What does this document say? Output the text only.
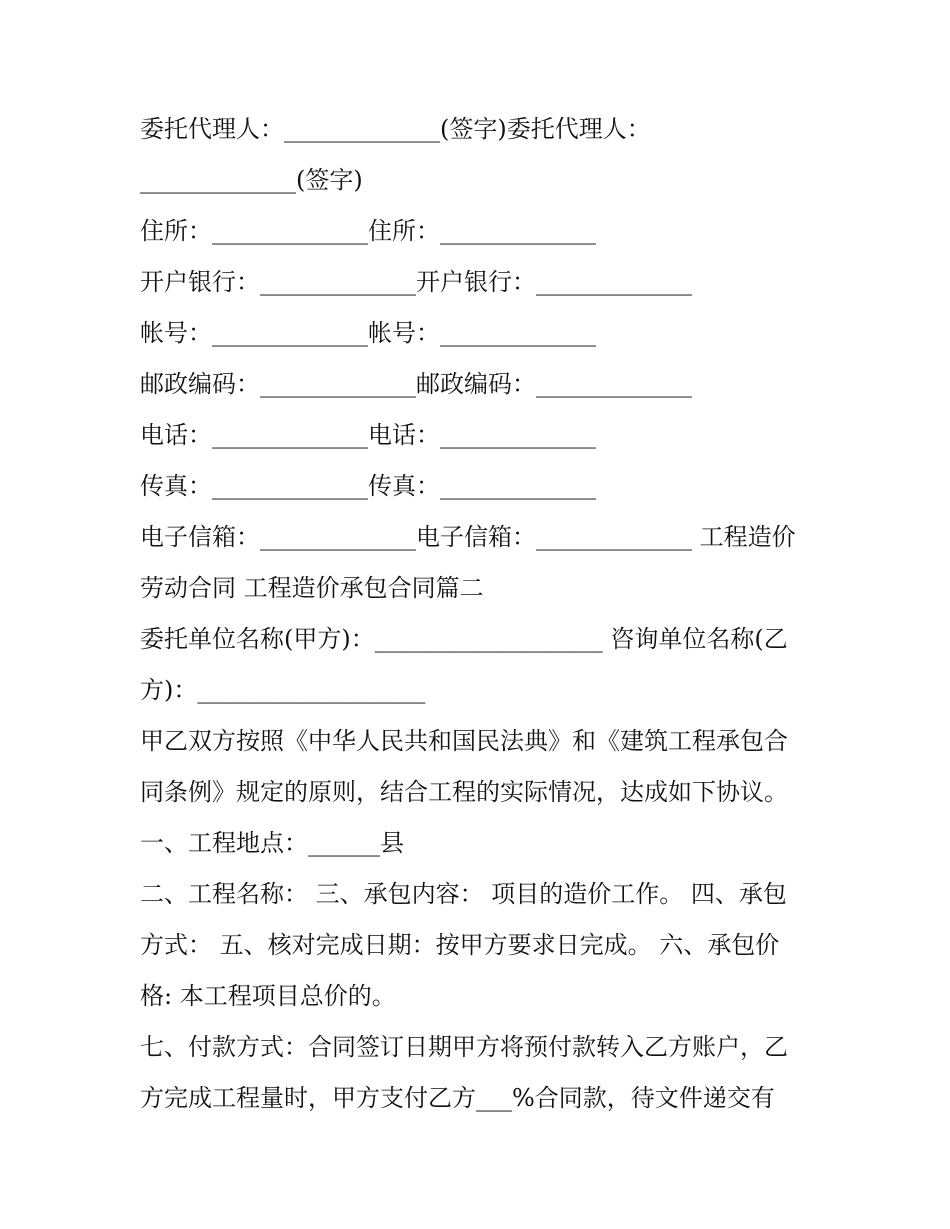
委托代理人：_____________(签字)委托代理人：
_____________(签字)
住所：_____________住所：_____________
开户银行：_____________开户银行：_____________
帐号：_____________帐号：_____________
邮政编码：_____________邮政编码：_____________
电话：_____________电话：_____________
传真：_____________传真：_____________
电子信箱：_____________电子信箱：_____________ 工程造价
劳动合同 工程造价承包合同篇二
委托单位名称(甲方)：___________________ 咨询单位名称(乙
方)：___________________
甲乙双方按照《中华人民共和国民法典》和《建筑工程承包合
同条例》规定的原则，结合工程的实际情况，达成如下协议。
一、工程地点：______县
二、工程名称： 三、承包内容： 项目的造价工作。 四、承包
方式： 五、核对完成日期：按甲方要求日完成。 六、承包价
格: 本工程项目总价的。
七、付款方式：合同签订日期甲方将预付款转入乙方账户，乙
方完成工程量时，甲方支付乙方___%合同款，待文件递交有
